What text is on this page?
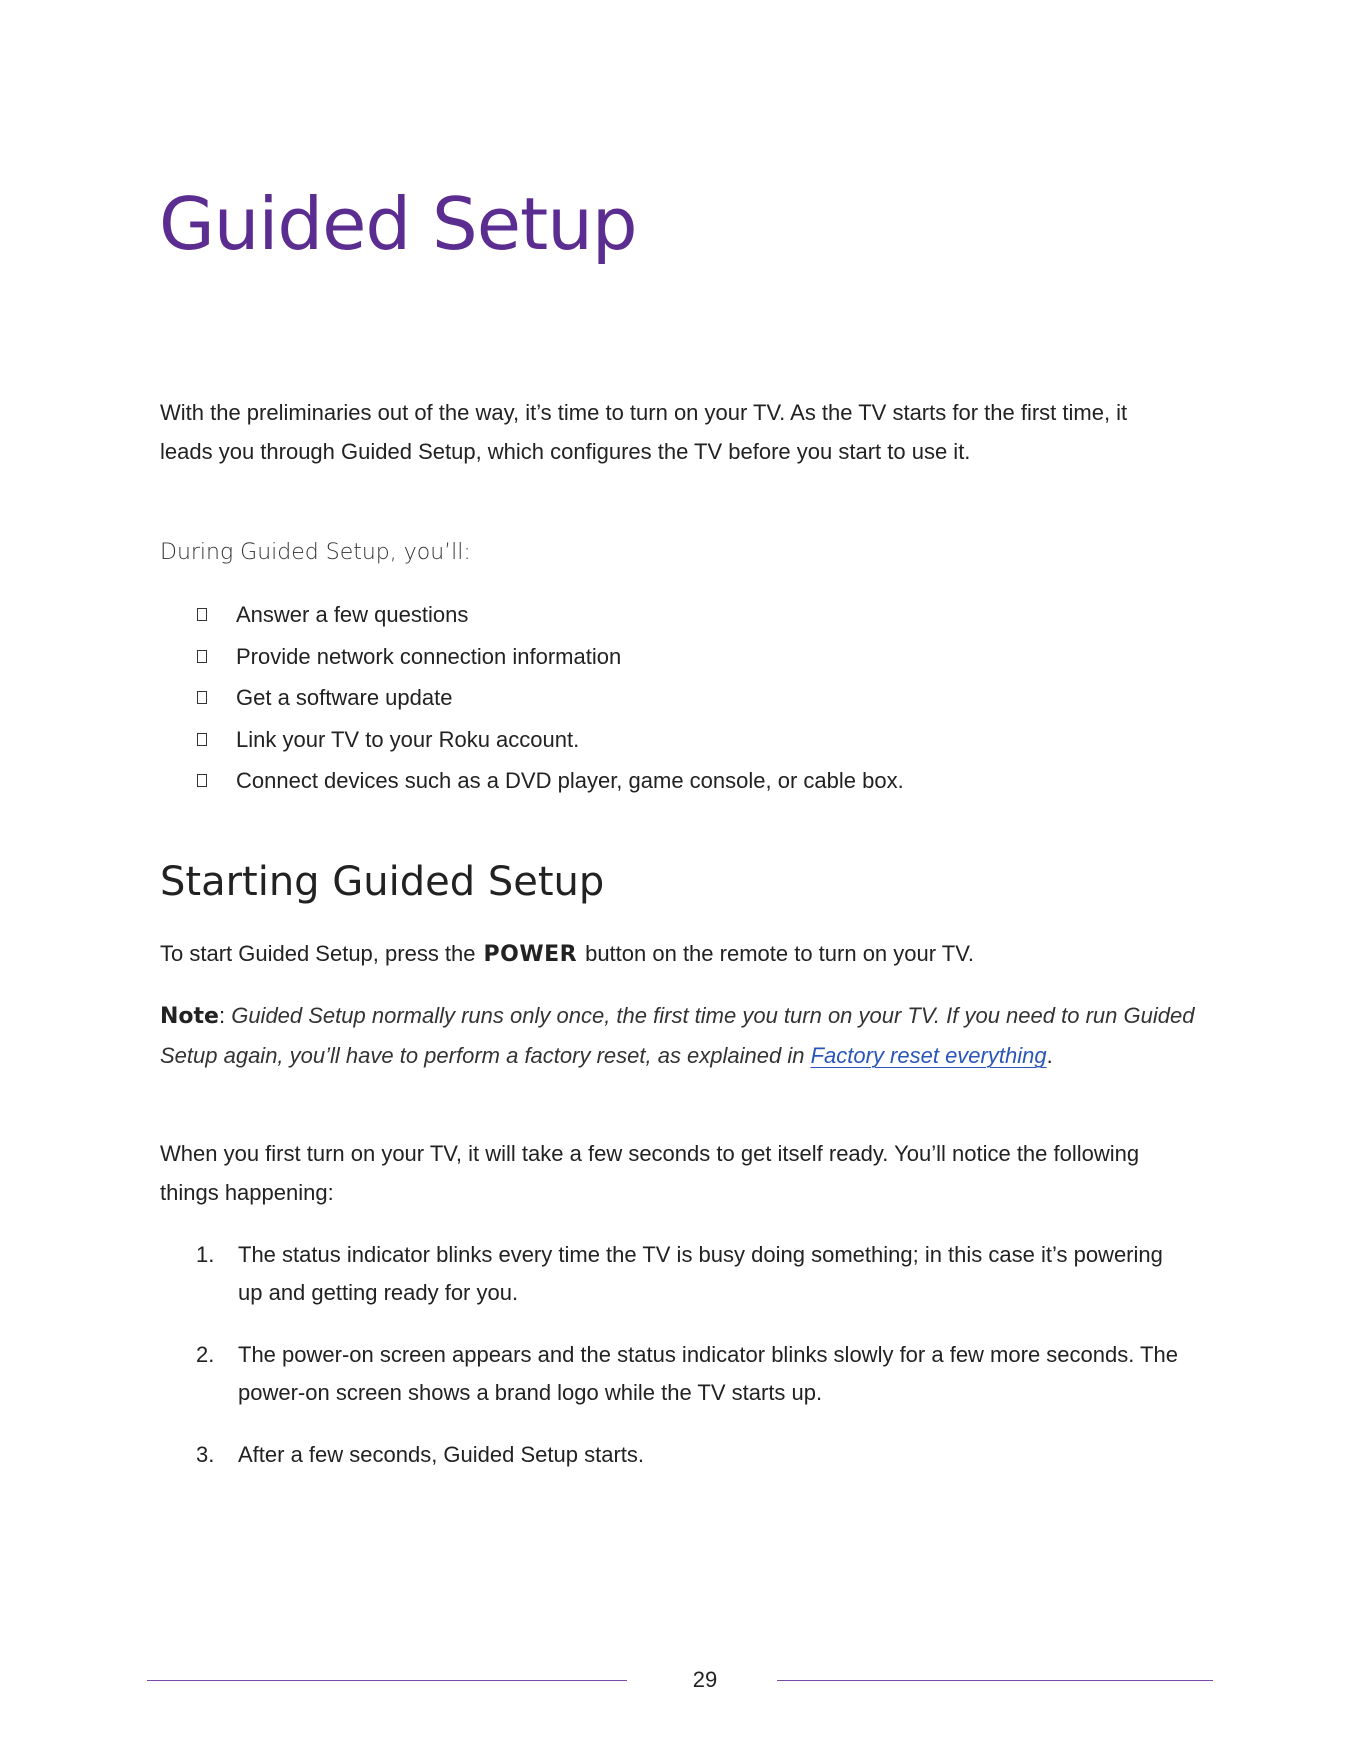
Guided Setup

With the preliminaries out of the way, it’s time to turn on your TV. As the TV starts for the first time, it leads you through Guided Setup, which configures the TV before you start to use it.

During Guided Setup, you’ll:

Answer a few questions
Provide network connection information
Get a software update
Link your TV to your Roku account.
Connect devices such as a DVD player, game console, or cable box.
Starting Guided Setup

To start Guided Setup, press the POWER button on the remote to turn on your TV.

Note: Guided Setup normally runs only once, the first time you turn on your TV. If you need to run Guided Setup again, you’ll have to perform a factory reset, as explained in Factory reset everything.

When you first turn on your TV, it will take a few seconds to get itself ready. You’ll notice the following things happening:

1.	The status indicator blinks every time the TV is busy doing something; in this case it’s powering up and getting ready for you.
2.	The power-on screen appears and the status indicator blinks slowly for a few more seconds. The power-on screen shows a brand logo while the TV starts up.
3.	After a few seconds, Guided Setup starts.
29
